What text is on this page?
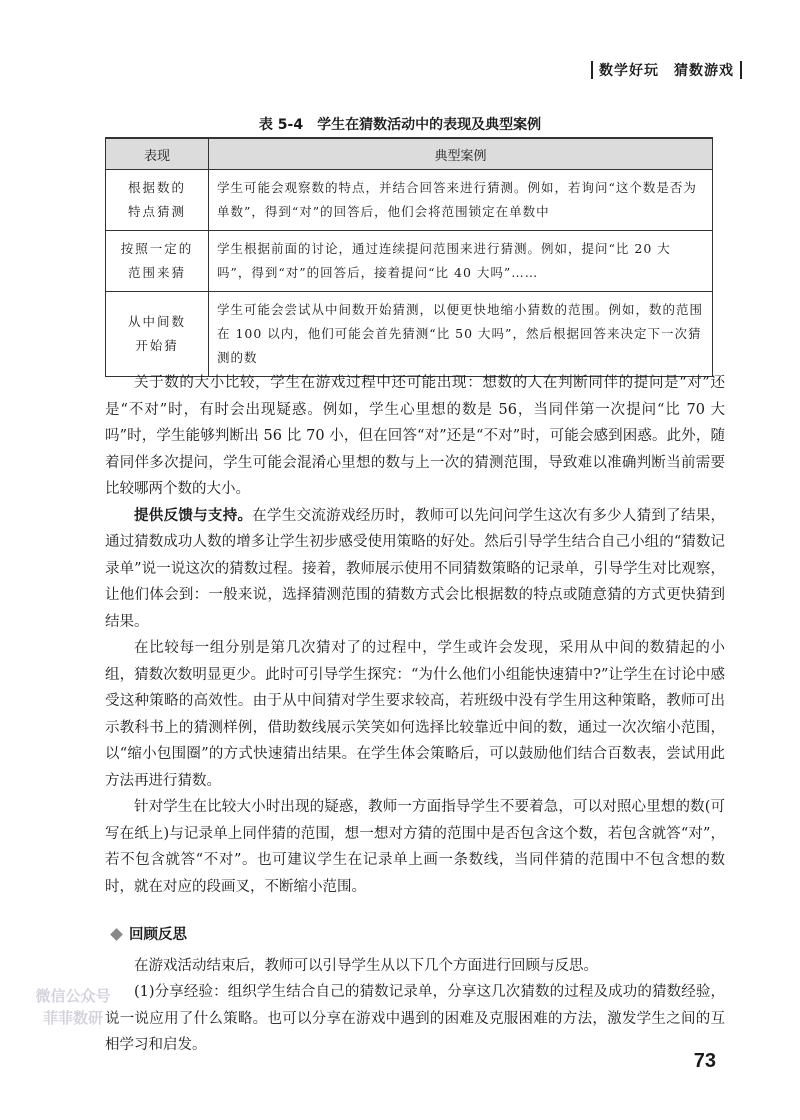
数学好玩　猜数游戏
表 5-4 学生在猜数活动中的表现及典型案例
表现	典型案例
根据数的
特点猜测	学生可能会观察数的特点，并结合回答来进行猜测。例如，若询问“这个数是否为单数”，得到“对”的回答后，他们会将范围锁定在单数中
按照一定的
范围来猜	学生根据前面的讨论，通过连续提问范围来进行猜测。例如，提问“比 20 大吗”，得到“对”的回答后，接着提问“比 40 大吗”……
从中间数
开始猜	学生可能会尝试从中间数开始猜测，以便更快地缩小猜数的范围。例如，数的范围在 100 以内，他们可能会首先猜测“比 50 大吗”，然后根据回答来决定下一次猜测的数

关于数的大小比较，学生在游戏过程中还可能出现：想数的人在判断同伴的提问是“对”还是“不对”时，有时会出现疑惑。例如，学生心里想的数是 56，当同伴第一次提问“比 70 大吗”时，学生能够判断出 56 比 70 小，但在回答“对”还是“不对”时，可能会感到困惑。此外，随着同伴多次提问，学生可能会混淆心里想的数与上一次的猜测范围，导致难以准确判断当前需要比较哪两个数的大小。

提供反馈与支持。在学生交流游戏经历时，教师可以先问问学生这次有多少人猜到了结果，通过猜数成功人数的增多让学生初步感受使用策略的好处。然后引导学生结合自己小组的“猜数记录单”说一说这次的猜数过程。接着，教师展示使用不同猜数策略的记录单，引导学生对比观察，让他们体会到：一般来说，选择猜测范围的猜数方式会比根据数的特点或随意猜的方式更快猜到结果。

在比较每一组分别是第几次猜对了的过程中，学生或许会发现，采用从中间的数猜起的小组，猜数次数明显更少。此时可引导学生探究：“为什么他们小组能快速猜中?”让学生在讨论中感受这种策略的高效性。由于从中间猜对学生要求较高，若班级中没有学生用这种策略，教师可出示教科书上的猜测样例，借助数线展示笑笑如何选择比较靠近中间的数，通过一次次缩小范围，以“缩小包围圈”的方式快速猜出结果。在学生体会策略后，可以鼓励他们结合百数表，尝试用此方法再进行猜数。

针对学生在比较大小时出现的疑惑，教师一方面指导学生不要着急，可以对照心里想的数(可写在纸上)与记录单上同伴猜的范围，想一想对方猜的范围中是否包含这个数，若包含就答“对”，若不包含就答“不对”。也可建议学生在记录单上画一条数线，当同伴猜的范围中不包含想的数时，就在对应的段画叉，不断缩小范围。

回顾反思

在游戏活动结束后，教师可以引导学生从以下几个方面进行回顾与反思。

(1)分享经验：组织学生结合自己的猜数记录单，分享这几次猜数的过程及成功的猜数经验，说一说应用了什么策略。也可以分享在游戏中遇到的困难及克服困难的方法，激发学生之间的互相学习和启发。

微信公众号
菲菲数研
73
